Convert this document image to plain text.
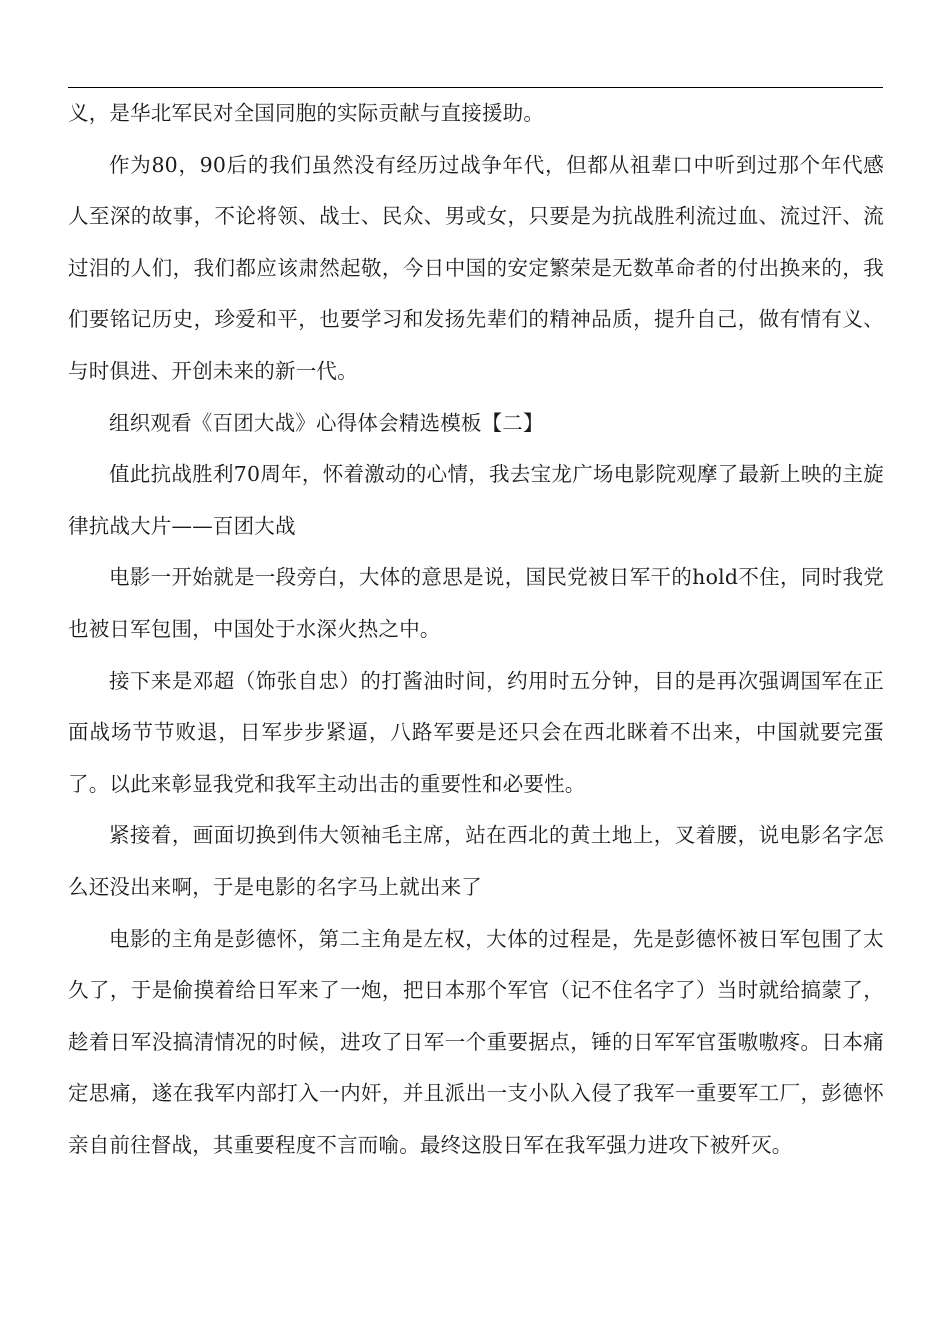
义，是华北军民对全国同胞的实际贡献与直接援助。

作为80，90后的我们虽然没有经历过战争年代，但都从祖辈口中听到过那个年代感人至深的故事，不论将领、战士、民众、男或女，只要是为抗战胜利流过血、流过汗、流过泪的人们，我们都应该肃然起敬，今日中国的安定繁荣是无数革命者的付出换来的，我们要铭记历史，珍爱和平，也要学习和发扬先辈们的精神品质，提升自己，做有情有义、与时俱进、开创未来的新一代。

组织观看《百团大战》心得体会精选模板【二】

值此抗战胜利70周年，怀着激动的心情，我去宝龙广场电影院观摩了最新上映的主旋律抗战大片——百团大战

电影一开始就是一段旁白，大体的意思是说，国民党被日军干的hold不住，同时我党也被日军包围，中国处于水深火热之中。

接下来是邓超（饰张自忠）的打酱油时间，约用时五分钟，目的是再次强调国军在正面战场节节败退，日军步步紧逼，八路军要是还只会在西北眯着不出来，中国就要完蛋了。以此来彰显我党和我军主动出击的重要性和必要性。

紧接着，画面切换到伟大领袖毛主席，站在西北的黄土地上，叉着腰，说电影名字怎么还没出来啊，于是电影的名字马上就出来了

电影的主角是彭德怀，第二主角是左权，大体的过程是，先是彭德怀被日军包围了太久了，于是偷摸着给日军来了一炮，把日本那个军官（记不住名字了）当时就给搞蒙了，趁着日军没搞清情况的时候，进攻了日军一个重要据点，锤的日军军官蛋嗷嗷疼。日本痛定思痛，遂在我军内部打入一内奸，并且派出一支小队入侵了我军一重要军工厂，彭德怀亲自前往督战，其重要程度不言而喻。最终这股日军在我军强力进攻下被歼灭。
